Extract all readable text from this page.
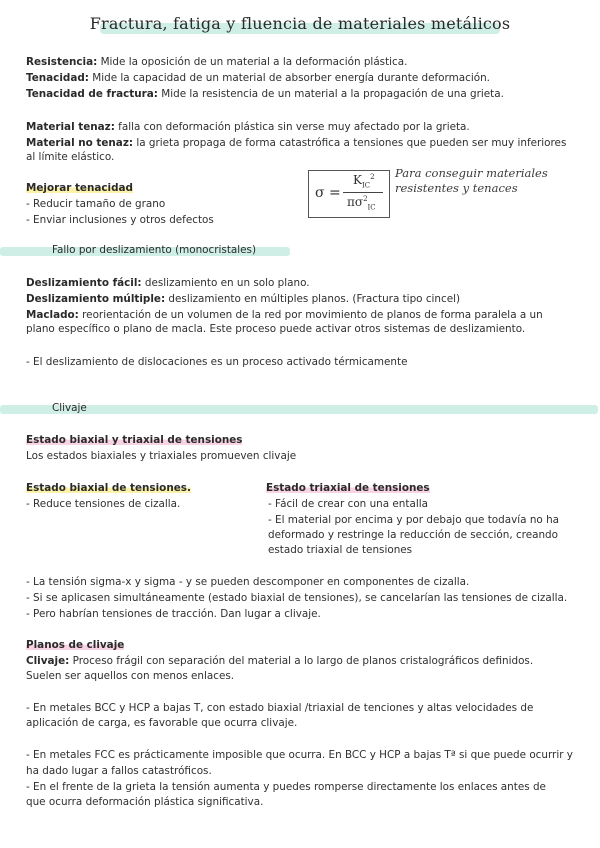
Fractura, fatiga y fluencia de materiales metálicos
Resistencia: Mide la oposición de un material a la deformación plástica.
Tenacidad: Mide la capacidad de un material de absorber energía durante deformación.
Tenacidad de fractura: Mide la resistencia de un material a la propagación de una grieta.
Material tenaz: falla con deformación plástica sin verse muy afectado por la grieta.
Material no tenaz: la grieta propaga de forma catastrófica a tensiones que pueden ser muy inferiores
al límite elástico.
Mejorar tenacidad
- Reducir tamaño de grano
- Enviar inclusiones y otros defectos
σ =
$K_{IC}^2$
$\pi\sigma^2_{IC}$
Para conseguir materiales
resistentes y tenaces
Fallo por deslizamiento (monocristales)
Deslizamiento fácil: deslizamiento en un solo plano.
Deslizamiento múltiple: deslizamiento en múltiples planos. (Fractura tipo cincel)
Maclado: reorientación de un volumen de la red por movimiento de planos de forma paralela a un
plano específico o plano de macla. Este proceso puede activar otros sistemas de deslizamiento.
- El deslizamiento de dislocaciones es un proceso activado térmicamente
Clivaje
Estado biaxial y triaxial de tensiones
Los estados biaxiales y triaxiales promueven clivaje
Estado biaxial de tensiones.
- Reduce tensiones de cizalla.
Estado triaxial de tensiones
- Fácil de crear con una entalla
- El material por encima y por debajo que todavía no ha
deformado y restringe la reducción de sección, creando
estado triaxial de tensiones
- La tensión sigma-x y sigma - y se pueden descomponer en componentes de cizalla.
- Si se aplicasen simultáneamente (estado biaxial de tensiones), se cancelarían las tensiones de cizalla.
- Pero habrían tensiones de tracción. Dan lugar a clivaje.
Planos de clivaje
Clivaje: Proceso frágil con separación del material a lo largo de planos cristalográficos definidos.
Suelen ser aquellos con menos enlaces.
- En metales BCC y HCP a bajas T, con estado biaxial /triaxial de tenciones y altas velocidades de
aplicación de carga, es favorable que ocurra clivaje.
- En metales FCC es prácticamente imposible que ocurra. En BCC y HCP a bajas Tª si que puede ocurrir y
ha dado lugar a fallos catastróficos.
- En el frente de la grieta la tensión aumenta y puedes romperse directamente los enlaces antes de
que ocurra deformación plástica significativa.
